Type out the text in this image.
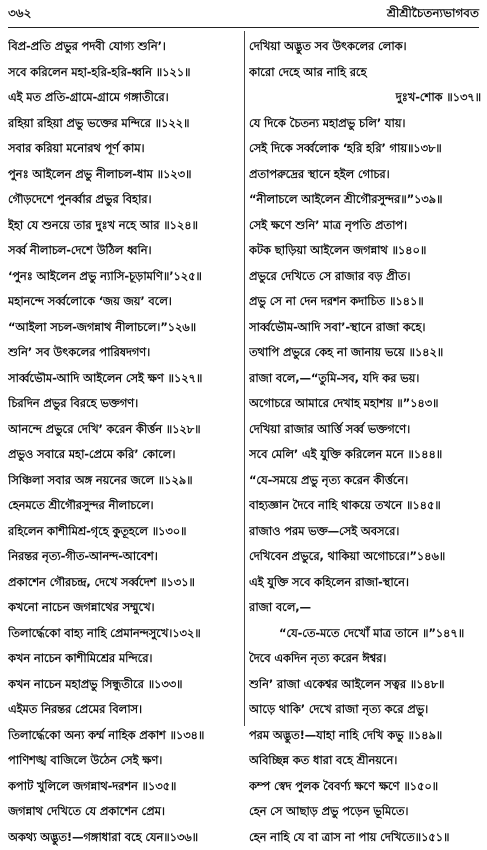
৩৬২	শ্রীশ্রীচৈতন্যভাগবত
বিপ্র-প্রতি প্রভুর পদবী যোগ্য শুনি’।
সবে করিলেন মহা-হরি-হরি-ধ্বনি ॥১২১॥
এই মত প্রতি-গ্রামে-গ্রামে গঙ্গাতীরে।
রহিয়া রহিয়া প্রভু ভক্তের মন্দিরে ॥১২২॥
সবার করিয়া মনোরথ পূর্ণ কাম।
পুনঃ আইলেন প্রভু নীলাচল-ধাম ॥১২৩॥
গৌড়দেশে পুনর্ব্বার প্রভুর বিহার।
ইহা যে শুনয়ে তার দুঃখ নহে আর ॥১২৪॥
সর্ব্ব নীলাচল-দেশে উঠিল ধ্বনি।
‘পুনঃ আইলেন প্রভু ন্যাসি-চূড়ামণি॥’১২৫॥
মহানন্দে সর্ব্বলোকে ‘জয় জয়’ বলে।
“আইলা সচল-জগন্নাথ নীলাচলে।”১২৬॥
শুনি’ সব উৎকলের পারিষদগণ।
সার্ব্বভৌম-আদি আইলেন সেই ক্ষণ ॥১২৭॥
চিরদিন প্রভুর বিরহে ভক্তগণ।
আনন্দে প্রভুরে দেখি’ করেন কীর্ত্তন ॥১২৮॥
প্রভুও সবারে মহা-প্রেমে করি’ কোলে।
সিঞ্চিলা সবার অঙ্গ নয়নের জলে ॥১২৯॥
হেনমতে শ্রীগৌরসুন্দর নীলাচলে।
রহিলেন কাশীমিশ্র-গৃহে কুতূহলে ॥১৩০॥
নিরন্তর নৃত্য-গীত-আনন্দ-আবেশ।
প্রকাশেন গৌরচন্দ্র, দেখে সর্ব্বদেশ ॥১৩১॥
কখনো নাচেন জগন্নাথের সম্মুখে।
তিলার্দ্ধেকো বাহ্য নাহি প্রেমানন্দসুখে।১৩২॥
কখন নাচেন কাশীমিশ্রের মন্দিরে।
কখন নাচেন মহাপ্রভু সিন্ধুতীরে ॥১৩৩॥
এইমত নিরন্তর প্রেমের বিলাস।
তিলার্দ্ধেকো অন্য কর্ম্ম নাহিক প্রকাশ ॥১৩৪॥
পাণিশঙ্খ বাজিলে উঠেন সেই ক্ষণ।
কপাট খুলিলে জগন্নাথ-দরশন ॥১৩৫॥
জগন্নাথ দেখিতে যে প্রকাশেন প্রেম।
অকথ্য অদ্ভুত!—গঙ্গাধারা বহে যেন॥১৩৬॥
দেখিয়া অদ্ভুত সব উৎকলের লোক।
কারো দেহে আর নাহি রহে
দুঃখ-শোক ॥১৩৭॥
যে দিকে চৈতন্য মহাপ্রভু চলি’ যায়।
সেই দিকে সর্ব্বলোক ‘হরি হরি’ গায়॥১৩৮॥
প্রতাপরুদ্রের স্থানে হইল গোচর।
“নীলাচলে আইলেন শ্রীগৌরসুন্দর॥”১৩৯॥
সেই ক্ষণে শুনি’ মাত্র নৃপতি প্রতাপ।
কটক ছাড়িয়া আইলেন জগন্নাথ ॥১৪০॥
প্রভুরে দেখিতে সে রাজার বড় প্রীত।
প্রভু সে না দেন দরশন কদাচিত ॥১৪১॥
সার্ব্বভৌম-আদি সবা’-স্থানে রাজা কহে।
তথাপি প্রভুরে কেহ না জানায় ভয়ে ॥১৪২॥
রাজা বলে,—“তুমি-সব, যদি কর ভয়।
অগোচরে আমারে দেখাহ মহাশয় ॥”১৪৩॥
দেখিয়া রাজার আর্ত্তি সর্ব্ব ভক্তগণে।
সবে মেলি’ এই যুক্তি করিলেন মনে ॥১৪৪॥
“যে-সময়ে প্রভু নৃত্য করেন কীর্ত্তনে।
বাহ্যজ্ঞান দৈবে নাহি থাকয়ে তখনে ॥১৪৫॥
রাজাও পরম ভক্ত—সেই অবসরে।
দেখিবেন প্রভুরে, থাকিয়া অগোচরে।”১৪৬॥
এই যুক্তি সবে কহিলেন রাজা-স্থানে।
রাজা বলে,—
“যে-তে-মতে দেখোঁ মাত্র তানে ॥”১৪৭॥
দৈবে একদিন নৃত্য করেন ঈশ্বর।
শুনি’ রাজা একেশ্বর আইলেন সত্বর ॥১৪৮॥
আড়ে থাকি’ দেখে রাজা নৃত্য করে প্রভু।
পরম অদ্ভুত!—যাহা নাহি দেখি কভু ॥১৪৯॥
অবিচ্ছিন্ন কত ধারা বহে শ্রীনয়নে।
কম্প স্বেদ পুলক বৈবর্ণ্য ক্ষণে ক্ষণে ॥১৫০॥
হেন সে আছাড় প্রভু পড়েন ভূমিতে।
হেন নাহি যে বা ত্রাস না পায় দেখিতে॥১৫১॥
